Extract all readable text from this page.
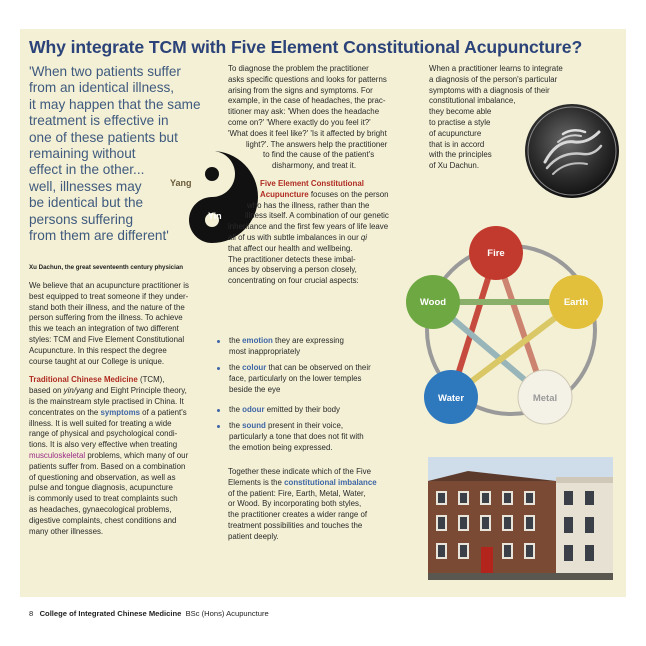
Why integrate TCM with Five Element Constitutional Acupuncture?
'When two patients suffer
from an identical illness,
it may happen that the same
treatment is effective in
one of these patients but
remaining without
effect in the other...
well, illnesses may
be identical but the
persons suffering
from them are different'
Xu Dachun, the great seventeenth century physician
Yang
Yin
We believe that an acupuncture practitioner is
best equipped to treat someone if they under-
stand both their illness, and the nature of the
person suffering from the illness. To achieve
this we teach an integration of two different
styles: TCM and Five Element Constitutional
Acupuncture. In this respect the degree
course taught at our College is unique.
Traditional Chinese Medicine (TCM),
based on yin/yang and Eight Principle theory,
is the mainstream style practised in China. It
concentrates on the symptoms of a patient's
illness. It is well suited for treating a wide
range of physical and psychological condi-
tions. It is also very effective when treating
musculoskeletal problems, which many of our
patients suffer from. Based on a combination
of questioning and observation, as well as
pulse and tongue diagnosis, acupuncture
is commonly used to treat complaints such
as headaches, gynaecological problems,
digestive complaints, chest conditions and
many other illnesses.
To diagnose the problem the practitioner
asks specific questions and looks for patterns
arising from the signs and symptoms. For
example, in the case of headaches, the prac-
titioner may ask: 'When does the headache
come on?' 'Where exactly do you feel it?'
'What does it feel like?' 'Is it affected by bright
light?'. The answers help the practitioner
to find the cause of the patient's
disharmony, and treat it.
Five Element Constitutional
Acupuncture focuses on the person
who has the illness, rather than the
illness itself. A combination of our genetic
inheritance and the first few years of life leave
all of us with subtle imbalances in our qi
that affect our health and wellbeing.
The practitioner detects these imbal-
ances by observing a person closely,
concentrating on four crucial aspects:
the emotion they are expressing
most inappropriately
the colour that can be observed on their
face, particularly on the lower temples
beside the eye
the odour emitted by their body
the sound present in their voice,
particularly a tone that does not fit with
the emotion being expressed.
Together these indicate which of the Five
Elements is the constitutional imbalance
of the patient: Fire, Earth, Metal, Water,
or Wood. By incorporating both styles,
the practitioner creates a wider range of
treatment possibilities and touches the
patient deeply.
When a practitioner learns to integrate
a diagnosis of the person's particular
symptoms with a diagnosis of their
constitutional imbalance,
they become able
to practise a style
of acupuncture
that is in accord
with the principles
of Xu Dachun.
Fire
Earth
Metal
Water
Wood
8 College of Integrated Chinese Medicine BSc (Hons) Acupuncture
